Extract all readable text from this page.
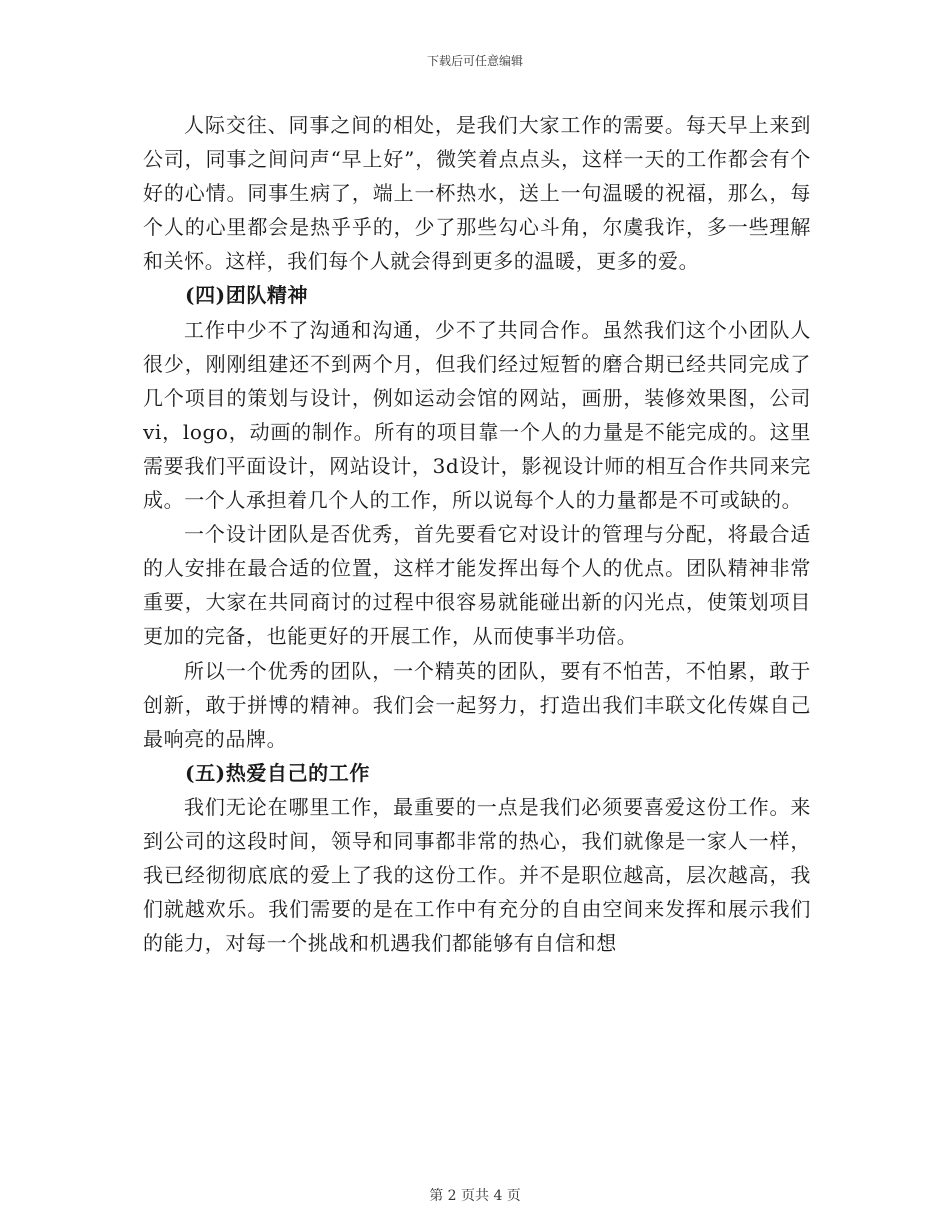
下载后可任意编辑

人际交往、同事之间的相处，是我们大家工作的需要。每天早上来到公司，同事之间问声“早上好”，微笑着点点头，这样一天的工作都会有个好的心情。同事生病了，端上一杯热水，送上一句温暖的祝福，那么，每个人的心里都会是热乎乎的，少了那些勾心斗角，尔虞我诈，多一些理解和关怀。这样，我们每个人就会得到更多的温暖，更多的爱。

(四)团队精神

工作中少不了沟通和沟通，少不了共同合作。虽然我们这个小团队人很少，刚刚组建还不到两个月，但我们经过短暂的磨合期已经共同完成了几个项目的策划与设计，例如运动会馆的网站，画册，装修效果图，公司vi，logo，动画的制作。所有的项目靠一个人的力量是不能完成的。这里需要我们平面设计，网站设计，3d设计，影视设计师的相互合作共同来完成。一个人承担着几个人的工作，所以说每个人的力量都是不可或缺的。

一个设计团队是否优秀，首先要看它对设计的管理与分配，将最合适的人安排在最合适的位置，这样才能发挥出每个人的优点。团队精神非常重要，大家在共同商讨的过程中很容易就能碰出新的闪光点，使策划项目更加的完备，也能更好的开展工作，从而使事半功倍。

所以一个优秀的团队，一个精英的团队，要有不怕苦，不怕累，敢于创新，敢于拼博的精神。我们会一起努力，打造出我们丰联文化传媒自己最响亮的品牌。

(五)热爱自己的工作

我们无论在哪里工作，最重要的一点是我们必须要喜爱这份工作。来到公司的这段时间，领导和同事都非常的热心，我们就像是一家人一样，我已经彻彻底底的爱上了我的这份工作。并不是职位越高，层次越高，我们就越欢乐。我们需要的是在工作中有充分的自由空间来发挥和展示我们的能力，对每一个挑战和机遇我们都能够有自信和想

第 2 页共 4 页
